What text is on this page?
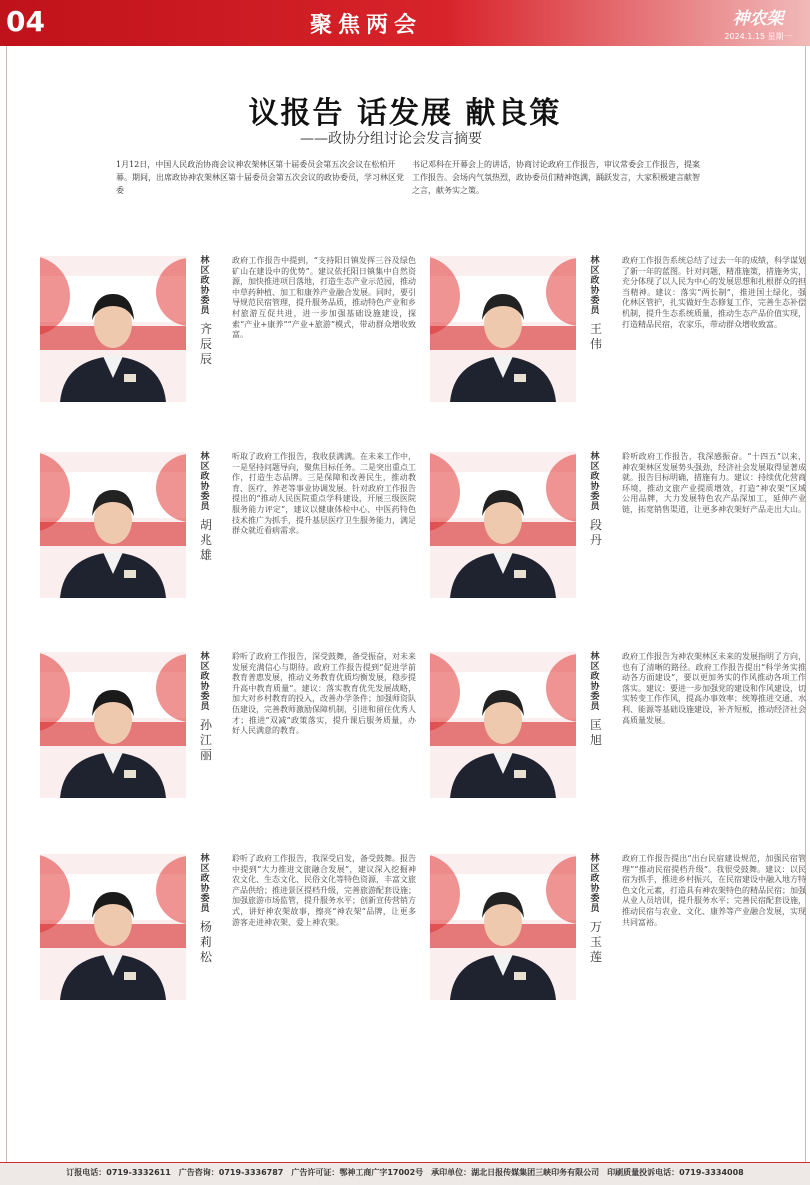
04	聚焦两会	神农架
2024.1.15 星期一
议报告 话发展 献良策
——政协分组讨论会发言摘要
1月12日，中国人民政治协商会议神农架林区第十届委员会第五次会议在松柏开幕。期间，出席政协神农架林区第十届委员会第五次会议的政协委员，学习林区党委
书记邓科在开幕会上的讲话，协商讨论政府工作报告，审议常委会工作报告，提案工作报告。会场内气氛热烈，政协委员们精神饱满，踊跃发言，大家积极建言献智之言，献务实之策。
林区政协委员
齐辰辰
政府工作报告中提到，“支持阳日镇发挥三谷及绿色矿山在建设中的优势”。建议依托阳日镇集中自然资源，加快推进项目落地，打造生态产业示范园，推动中草药种植、加工和康养产业融合发展。同时，要引导规范民宿管理，提升服务品质，推动特色产业和乡村旅游互促共进，进一步加强基础设施建设，探索“产业+康养”“产业+旅游”模式，带动群众增收致富。
林区政协委员
王伟
政府工作报告系统总结了过去一年的成绩，科学谋划了新一年的蓝图。针对问题，精准施策，措施务实，充分体现了以人民为中心的发展思想和扎根群众的担当精神。建议：落实“两长制”，推进国土绿化，强化林区管护，扎实做好生态修复工作，完善生态补偿机制，提升生态系统质量，推动生态产品价值实现，打造精品民宿，农家乐，带动群众增收致富。
林区政协委员
胡兆雄
听取了政府工作报告，我收获满满。在未来工作中，一是坚持问题导向，聚焦目标任务。二是突出重点工作，打造生态品牌。三是保障和改善民生，推动教育、医疗、养老等事业协调发展。针对政府工作报告提出的“推动人民医院重点学科建设，开展三级医院服务能力评定”，建议以健康体检中心、中医药特色技术推广为抓手，提升基层医疗卫生服务能力，满足群众就近看病需求。
林区政协委员
段丹
聆听政府工作报告，我深感振奋。“十四五”以来，神农架林区发展势头强劲，经济社会发展取得显著成就。报告目标明确，措施有力。建议：持续优化营商环境，推动文旅产业提质增效，打造“神农架”区域公用品牌，大力发展特色农产品深加工，延伸产业链，拓宽销售渠道，让更多神农架好产品走出大山。
林区政协委员
孙江丽
聆听了政府工作报告，深受鼓舞，备受振奋，对未来发展充满信心与期待。政府工作报告提到“促进学前教育普惠发展，推动义务教育优质均衡发展，稳步提升高中教育质量”。建议：落实教育优先发展战略，加大对乡村教育的投入，改善办学条件；加强师资队伍建设，完善教师激励保障机制，引进和留住优秀人才；推进“双减”政策落实，提升课后服务质量，办好人民满意的教育。
林区政协委员
匡旭
政府工作报告为神农架林区未来的发展指明了方向，也有了清晰的路径。政府工作报告提出“科学务实推动各方面建设”，要以更加务实的作风推动各项工作落实。建议：要进一步加强党的建设和作风建设，切实转变工作作风，提高办事效率；统筹推进交通、水利、能源等基础设施建设，补齐短板，推动经济社会高质量发展。
林区政协委员
杨莉松
聆听了政府工作报告，我深受启发，备受鼓舞。报告中提到“大力推进文旅融合发展”，建议深入挖掘神农文化、生态文化、民俗文化等特色资源，丰富文旅产品供给；推进景区提档升级，完善旅游配套设施；加强旅游市场监管，提升服务水平；创新宣传营销方式，讲好神农架故事，擦亮“神农架”品牌，让更多游客走进神农架、爱上神农架。
林区政协委员
万玉莲
政府工作报告提出“出台民宿建设规范，加强民宿管理”“推动民宿提档升级”。我很受鼓舞。建议：以民宿为抓手，推进乡村振兴，在民宿建设中融入地方特色文化元素，打造具有神农架特色的精品民宿；加强从业人员培训，提升服务水平；完善民宿配套设施，推动民宿与农业、文化、康养等产业融合发展，实现共同富裕。
订报电话：0719-3332611　广告咨询：0719-3336787　广告许可证：鄂神工商广字17002号　承印单位：湖北日报传媒集团三峡印务有限公司　印刷质量投诉电话：0719-3334008
